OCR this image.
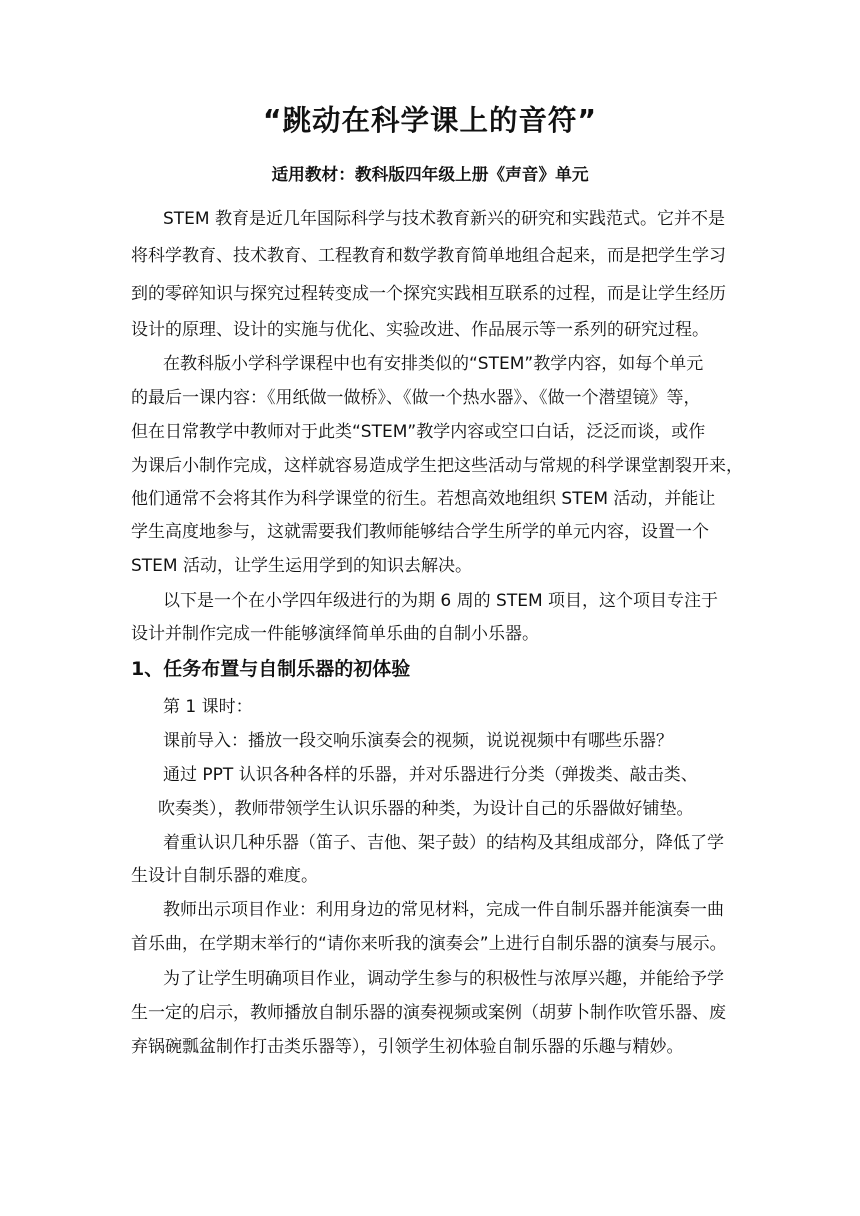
“跳动在科学课上的音符”
适用教材：教科版四年级上册《声音》单元
STEM 教育是近几年国际科学与技术教育新兴的研究和实践范式。它并不是
将科学教育、技术教育、工程教育和数学教育简单地组合起来，而是把学生学习
到的零碎知识与探究过程转变成一个探究实践相互联系的过程，而是让学生经历
设计的原理、设计的实施与优化、实验改进、作品展示等一系列的研究过程。
在教科版小学科学课程中也有安排类似的“STEM”教学内容，如每个单元
的最后一课内容：《用纸做一做桥》、《做一个热水器》、《做一个潜望镜》等，
但在日常教学中教师对于此类“STEM”教学内容或空口白话，泛泛而谈，或作
为课后小制作完成，这样就容易造成学生把这些活动与常规的科学课堂割裂开来，
他们通常不会将其作为科学课堂的衍生。若想高效地组织 STEM 活动，并能让
学生高度地参与，这就需要我们教师能够结合学生所学的单元内容，设置一个
STEM 活动，让学生运用学到的知识去解决。
以下是一个在小学四年级进行的为期 6 周的 STEM 项目，这个项目专注于
设计并制作完成一件能够演绎简单乐曲的自制小乐器。
1、任务布置与自制乐器的初体验
第 1 课时：
课前导入：播放一段交响乐演奏会的视频，说说视频中有哪些乐器？
通过 PPT 认识各种各样的乐器，并对乐器进行分类（弹拨类、敲击类、
吹奏类），教师带领学生认识乐器的种类，为设计自己的乐器做好铺垫。
着重认识几种乐器（笛子、吉他、架子鼓）的结构及其组成部分，降低了学
生设计自制乐器的难度。
教师出示项目作业：利用身边的常见材料，完成一件自制乐器并能演奏一曲
首乐曲，在学期末举行的“请你来听我的演奏会”上进行自制乐器的演奏与展示。
为了让学生明确项目作业，调动学生参与的积极性与浓厚兴趣，并能给予学
生一定的启示，教师播放自制乐器的演奏视频或案例（胡萝卜制作吹管乐器、废
弃锅碗瓢盆制作打击类乐器等），引领学生初体验自制乐器的乐趣与精妙。
